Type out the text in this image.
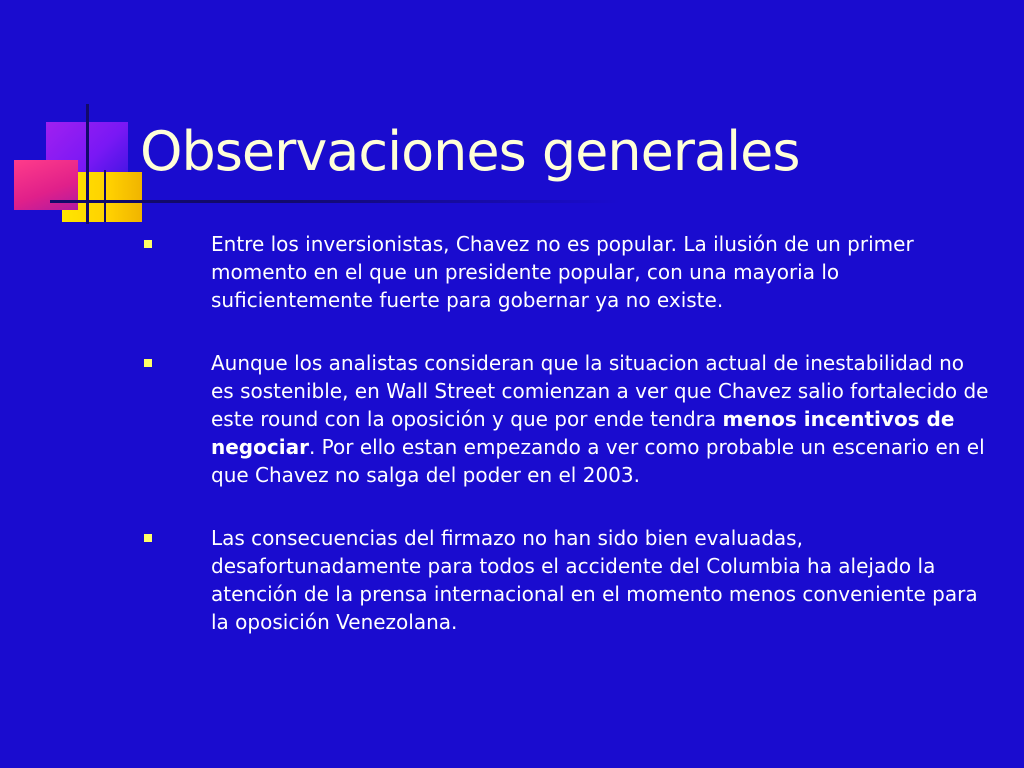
Observaciones generales
Entre los inversionistas, Chavez no es popular. La ilusión de un primer momento en el que un presidente popular, con una mayoria lo suficientemente fuerte para gobernar ya no existe.
Aunque los analistas consideran que la situacion actual de inestabilidad no es sostenible, en Wall Street comienzan a ver que Chavez salio fortalecido de este round con la oposición y que por ende tendra menos incentivos de negociar. Por ello estan empezando a ver como probable un escenario en el que Chavez no salga del poder en el 2003.
Las consecuencias del firmazo no han sido bien evaluadas, desafortunadamente para todos el accidente del Columbia ha alejado la atención de la prensa internacional en el momento menos conveniente para la oposición Venezolana.
